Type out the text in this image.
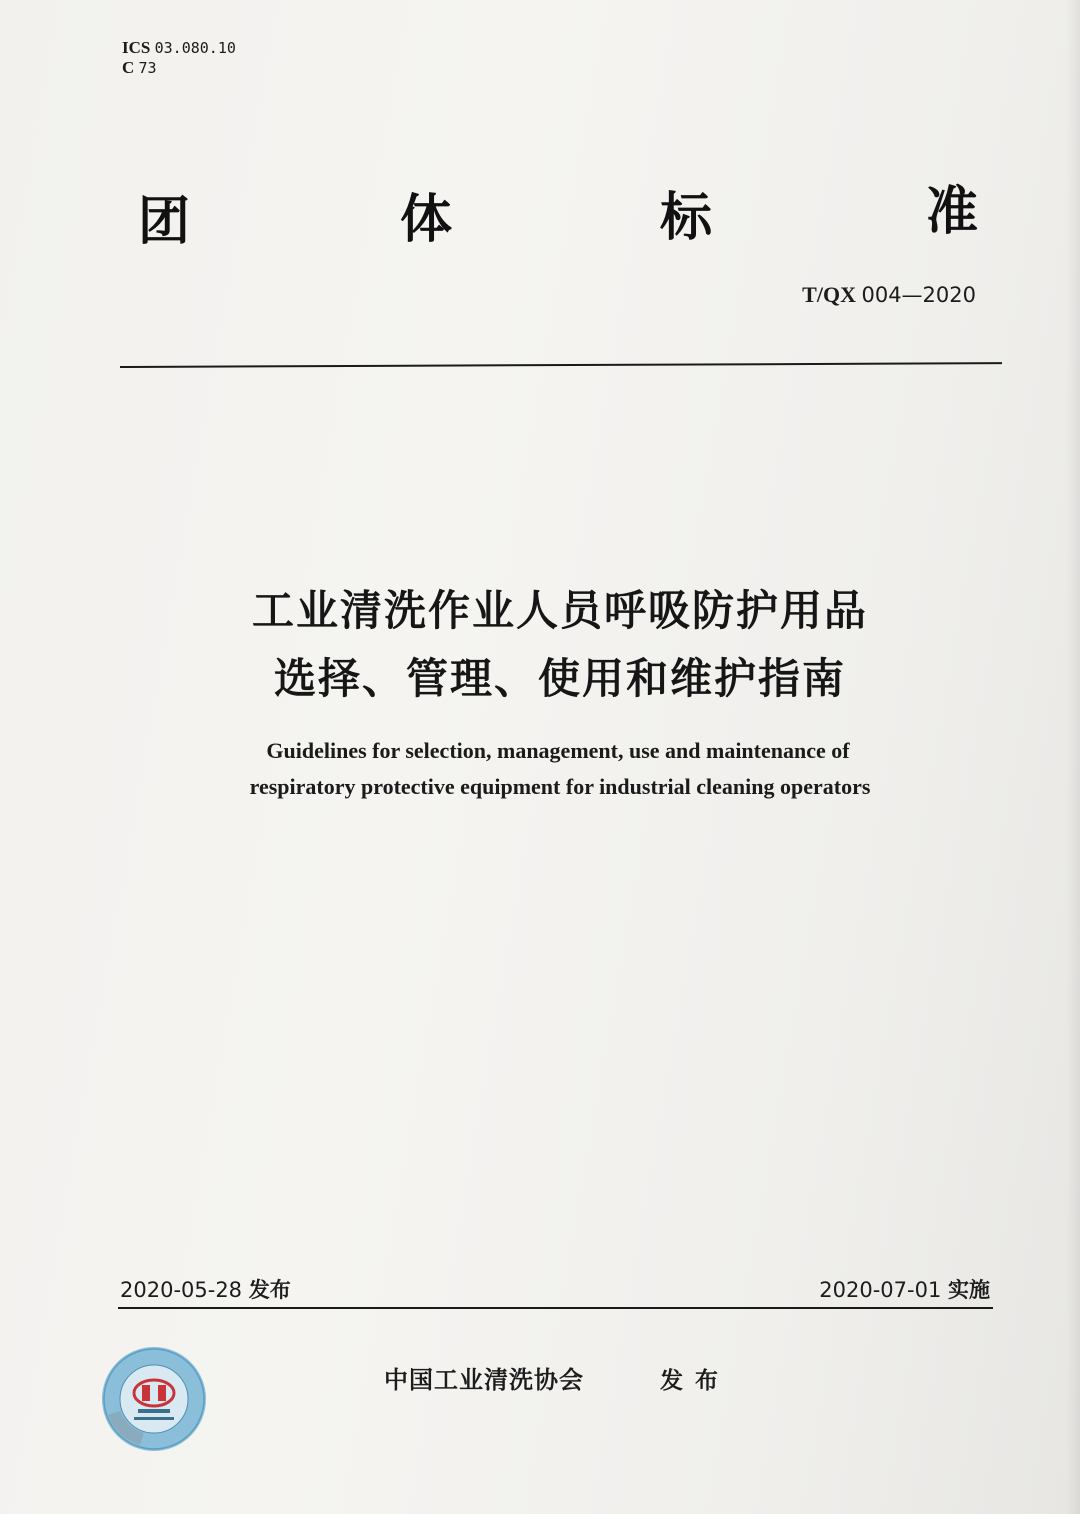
ICS 03.080.10
C 73
团	体	标	准
T/QX 004—2020
工业清洗作业人员呼吸防护用品
选择、管理、使用和维护指南
Guidelines for selection, management, use and maintenance of
respiratory protective equipment for industrial cleaning operators
2020-05-28 发布	2020-07-01 实施
中国工业清洗协会	发布
